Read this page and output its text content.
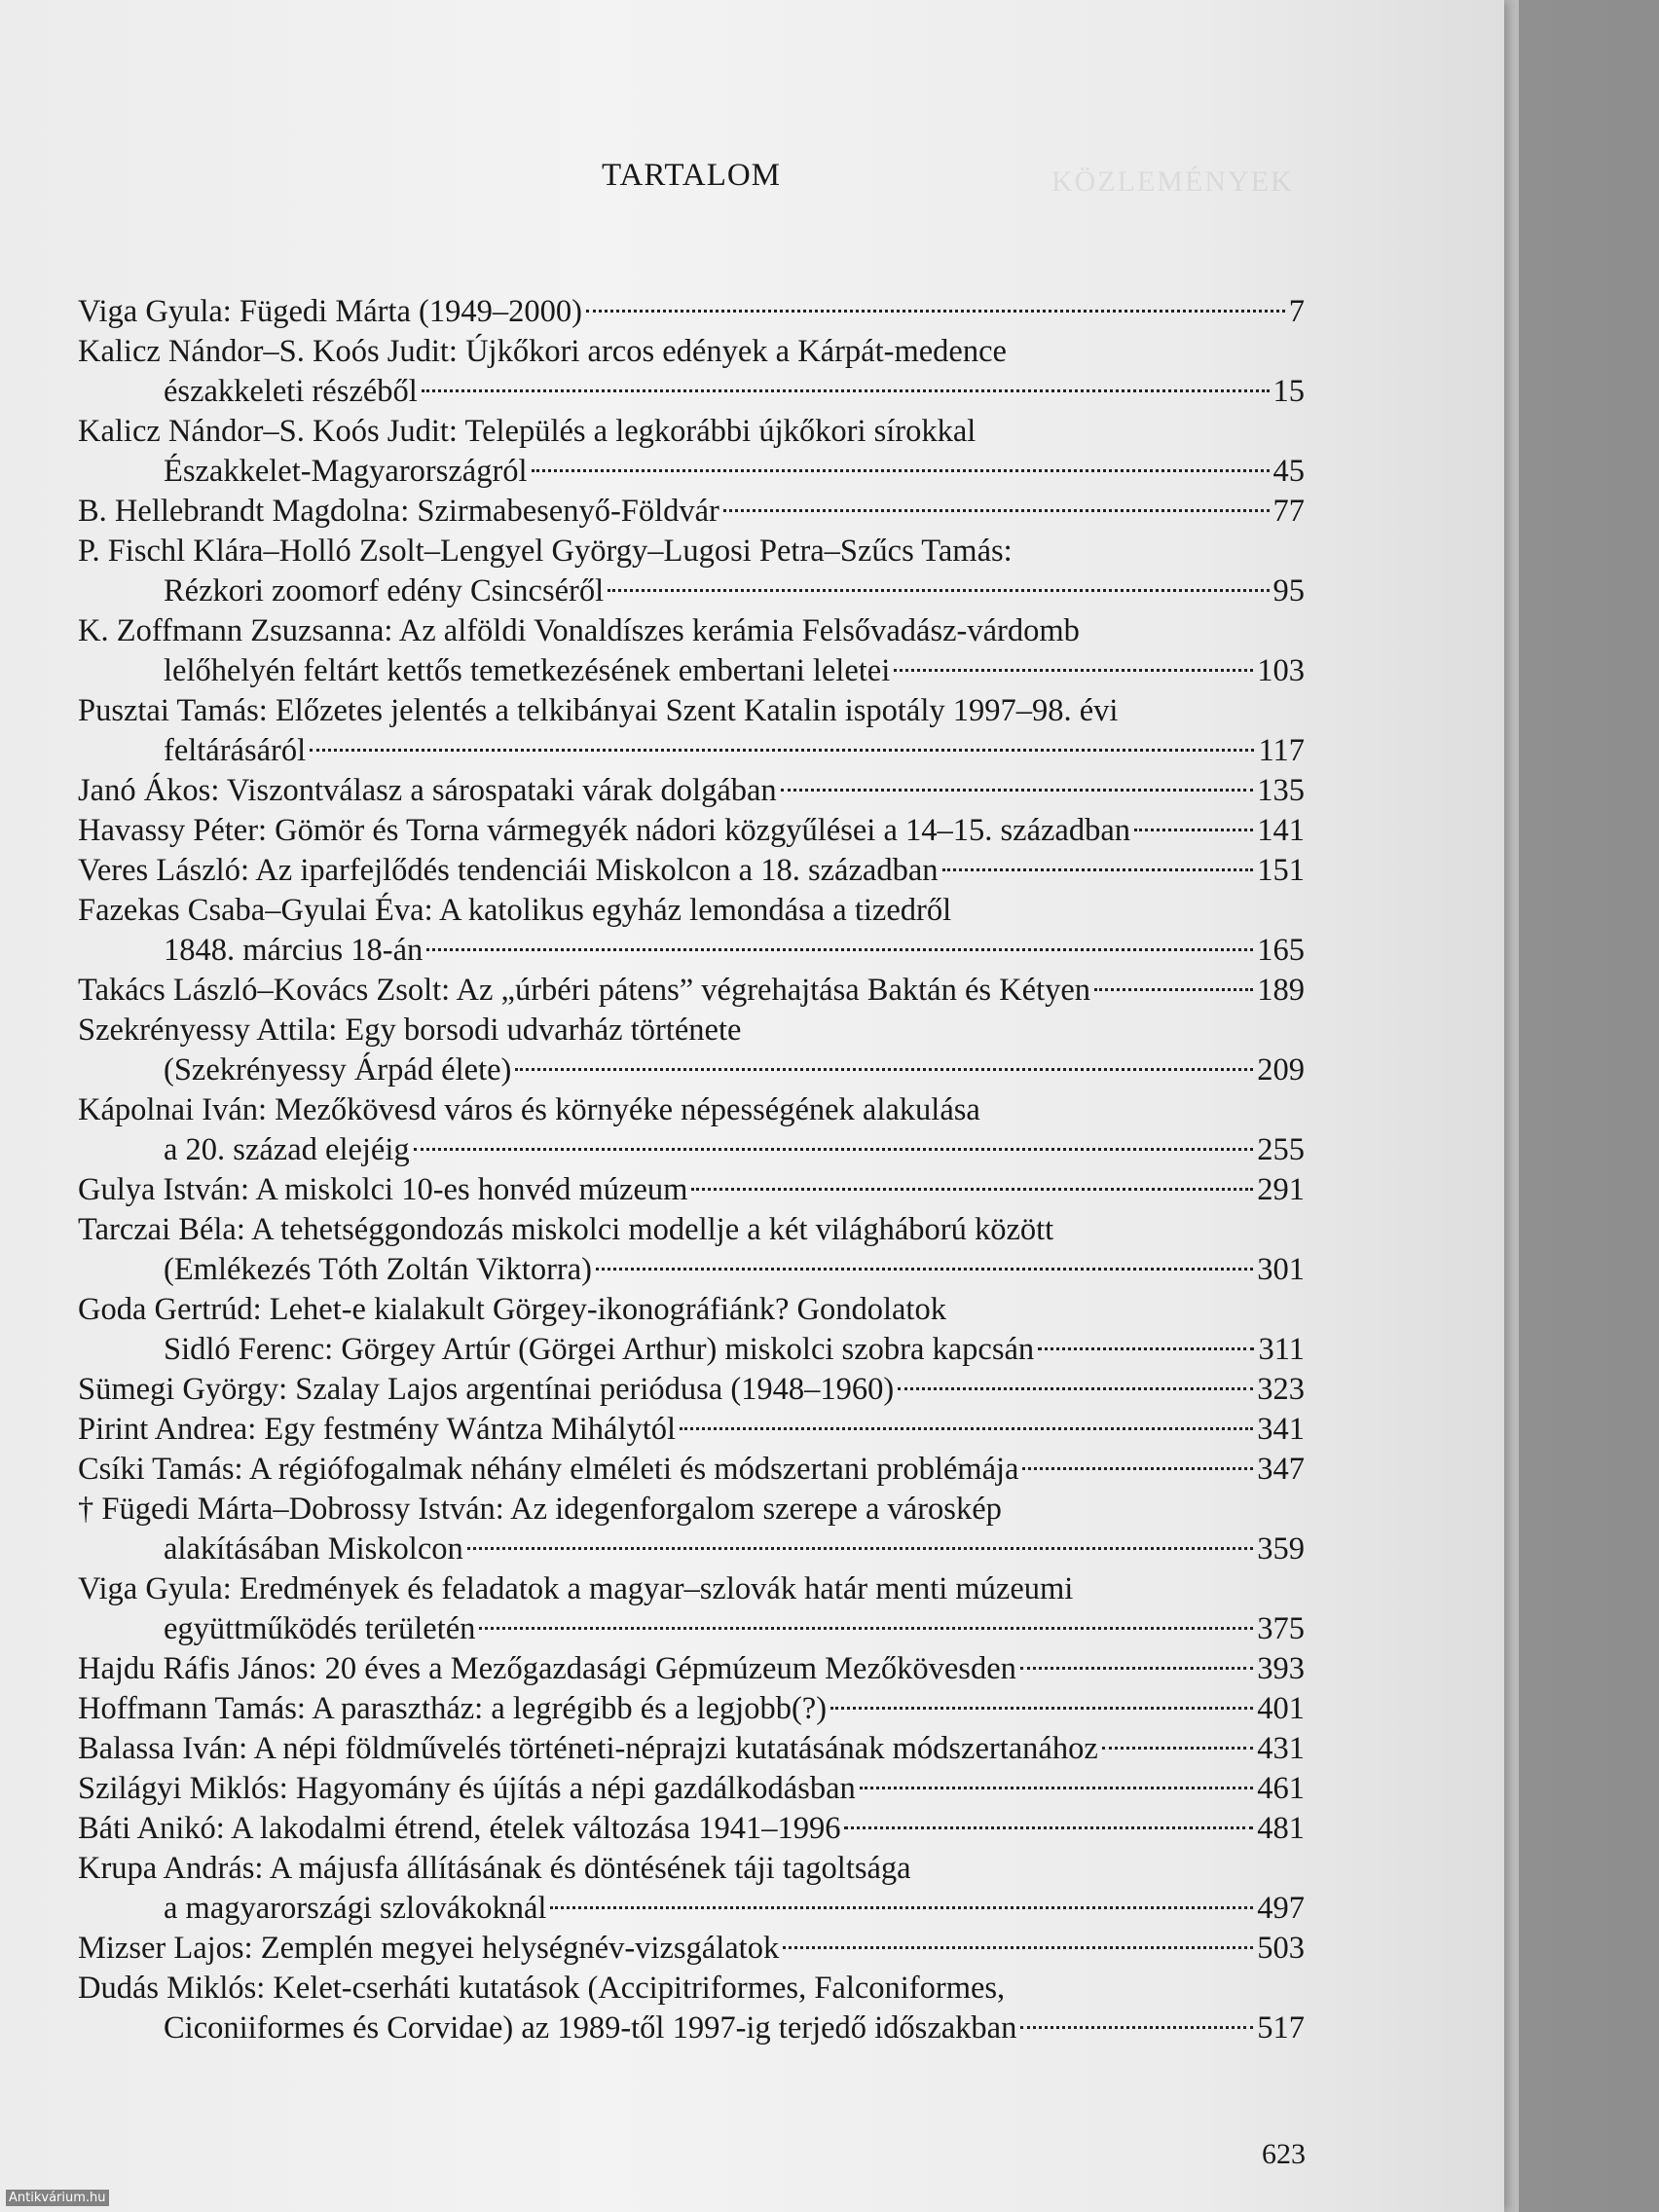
KÖZLEMÉNYEK
TARTALOM
Viga Gyula: Fügedi Márta (1949–2000)	7
Kalicz Nándor–S. Koós Judit: Újkőkori arcos edények a Kárpát-medence
északkeleti részéből	15
Kalicz Nándor–S. Koós Judit: Település a legkorábbi újkőkori sírokkal
Északkelet-Magyarországról	45
B. Hellebrandt Magdolna: Szirmabesenyő-Földvár	77
P. Fischl Klára–Holló Zsolt–Lengyel György–Lugosi Petra–Szűcs Tamás:
Rézkori zoomorf edény Csincséről	95
K. Zoffmann Zsuzsanna: Az alföldi Vonaldíszes kerámia Felsővadász-várdomb
lelőhelyén feltárt kettős temetkezésének embertani leletei	103
Pusztai Tamás: Előzetes jelentés a telkibányai Szent Katalin ispotály 1997–98. évi
feltárásáról	117
Janó Ákos: Viszontválasz a sárospataki várak dolgában	135
Havassy Péter: Gömör és Torna vármegyék nádori közgyűlései a 14–15. században	141
Veres László: Az iparfejlődés tendenciái Miskolcon a 18. században	151
Fazekas Csaba–Gyulai Éva: A katolikus egyház lemondása a tizedről
1848. március 18-án	165
Takács László–Kovács Zsolt: Az „úrbéri pátens” végrehajtása Baktán és Kétyen	189
Szekrényessy Attila: Egy borsodi udvarház története
(Szekrényessy Árpád élete)	209
Kápolnai Iván: Mezőkövesd város és környéke népességének alakulása
a 20. század elejéig	255
Gulya István: A miskolci 10-es honvéd múzeum	291
Tarczai Béla: A tehetséggondozás miskolci modellje a két világháború között
(Emlékezés Tóth Zoltán Viktorra)	301
Goda Gertrúd: Lehet-e kialakult Görgey-ikonográfiánk? Gondolatok
Sidló Ferenc: Görgey Artúr (Görgei Arthur) miskolci szobra kapcsán	311
Sümegi György: Szalay Lajos argentínai periódusa (1948–1960)	323
Pirint Andrea: Egy festmény Wántza Mihálytól	341
Csíki Tamás: A régiófogalmak néhány elméleti és módszertani problémája	347
† Fügedi Márta–Dobrossy István: Az idegenforgalom szerepe a városkép
alakításában Miskolcon	359
Viga Gyula: Eredmények és feladatok a magyar–szlovák határ menti múzeumi
együttműködés területén	375
Hajdu Ráfis János: 20 éves a Mezőgazdasági Gépmúzeum Mezőkövesden	393
Hoffmann Tamás: A parasztház: a legrégibb és a legjobb(?)	401
Balassa Iván: A népi földművelés történeti-néprajzi kutatásának módszertanához	431
Szilágyi Miklós: Hagyomány és újítás a népi gazdálkodásban	461
Báti Anikó: A lakodalmi étrend, ételek változása 1941–1996	481
Krupa András: A májusfa állításának és döntésének táji tagoltsága
a magyarországi szlovákoknál	497
Mizser Lajos: Zemplén megyei helységnév-vizsgálatok	503
Dudás Miklós: Kelet-cserháti kutatások (Accipitriformes, Falconiformes,
Ciconiiformes és Corvidae) az 1989-től 1997-ig terjedő időszakban	517
623
Antikvárium.hu
